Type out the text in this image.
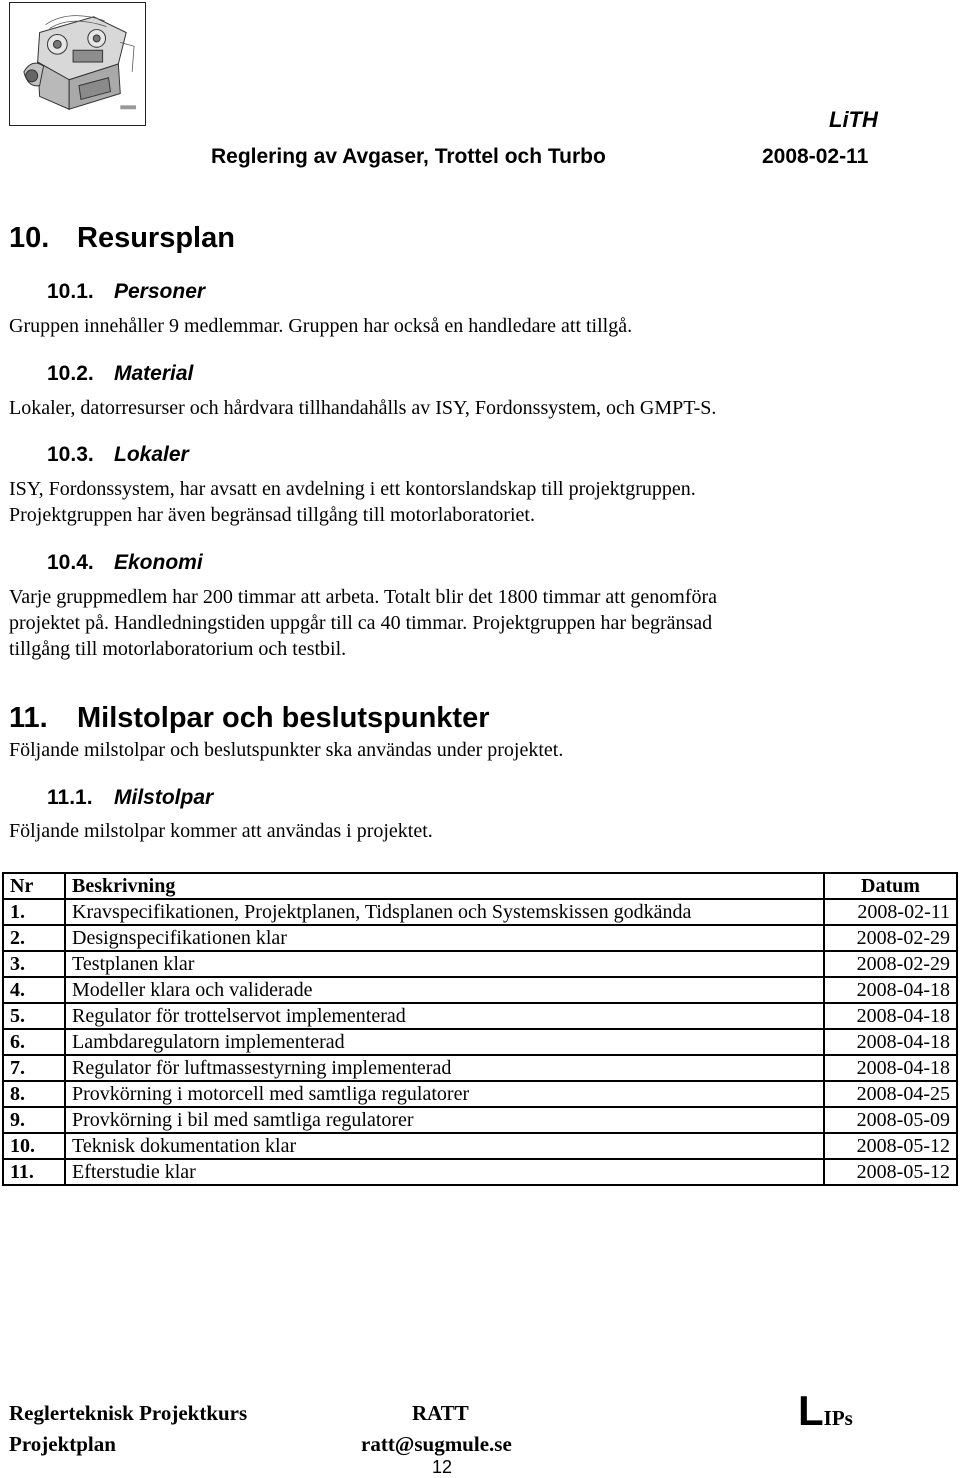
LiTH
Reglering av Avgaser, Trottel och Turbo	2008-02-11
10. Resursplan
10.1. Personer
Gruppen innehåller 9 medlemmar. Gruppen har också en handledare att tillgå.
10.2. Material
Lokaler, datorresurser och hårdvara tillhandahålls av ISY, Fordonssystem, och GMPT-S.
10.3. Lokaler
ISY, Fordonssystem, har avsatt en avdelning i ett kontorslandskap till projektgruppen.
Projektgruppen har även begränsad tillgång till motorlaboratoriet.
10.4. Ekonomi
Varje gruppmedlem har 200 timmar att arbeta. Totalt blir det 1800 timmar att genomföra
projektet på. Handledningstiden uppgår till ca 40 timmar. Projektgruppen har begränsad
tillgång till motorlaboratorium och testbil.
11. Milstolpar och beslutspunkter
Följande milstolpar och beslutspunkter ska användas under projektet.
11.1. Milstolpar
Följande milstolpar kommer att användas i projektet.
Nr	Beskrivning	Datum
1.	Kravspecifikationen, Projektplanen, Tidsplanen och Systemskissen godkända	2008-02-11
2.	Designspecifikationen klar	2008-02-29
3.	Testplanen klar	2008-02-29
4.	Modeller klara och validerade	2008-04-18
5.	Regulator för trottelservot implementerad	2008-04-18
6.	Lambdaregulatorn implementerad	2008-04-18
7.	Regulator för luftmassestyrning implementerad	2008-04-18
8.	Provkörning i motorcell med samtliga regulatorer	2008-04-25
9.	Provkörning i bil med samtliga regulatorer	2008-05-09
10.	Teknisk dokumentation klar	2008-05-12
11.	Efterstudie klar	2008-05-12
Reglerteknisk Projektkurs	RATT	LIPs
Projektplan	ratt@sugmule.se
12
